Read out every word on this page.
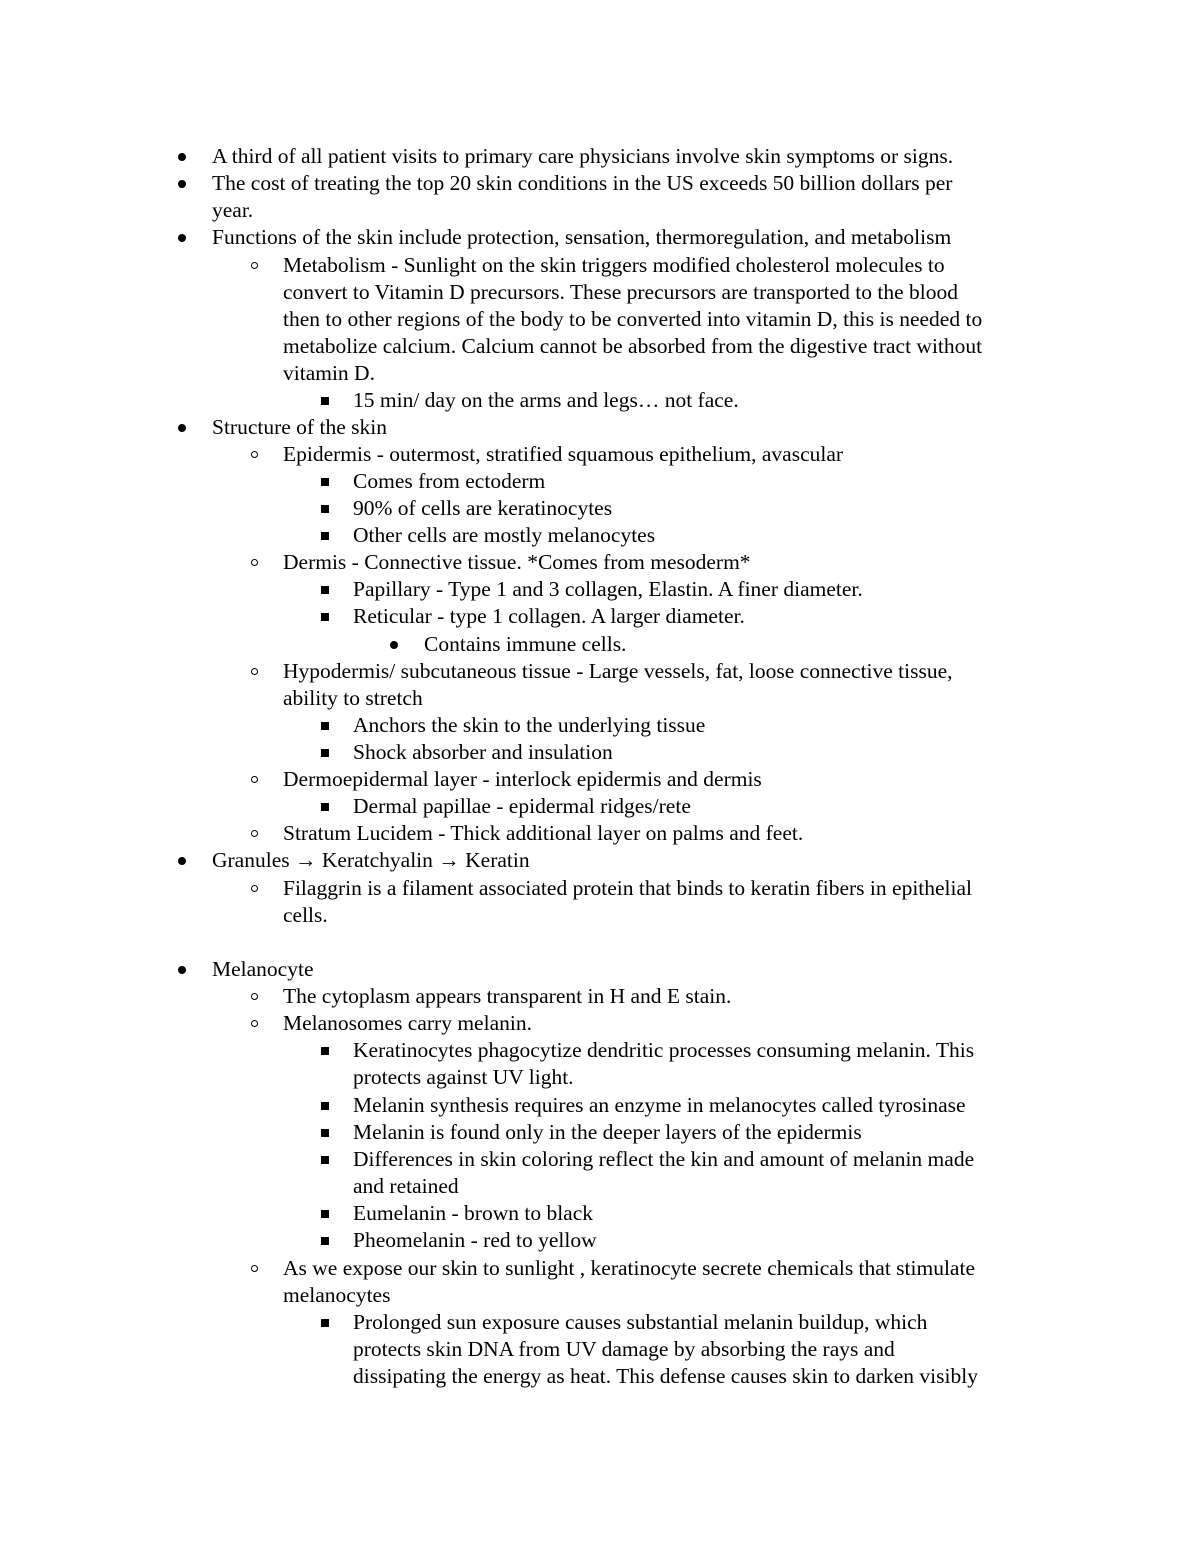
A third of all patient visits to primary care physicians involve skin symptoms or signs.
The cost of treating the top 20 skin conditions in the US exceeds 50 billion dollars per
year.
Functions of the skin include protection, sensation, thermoregulation, and metabolism
Metabolism - Sunlight on the skin triggers modified cholesterol molecules to
convert to Vitamin D precursors. These precursors are transported to the blood
then to other regions of the body to be converted into vitamin D, this is needed to
metabolize calcium. Calcium cannot be absorbed from the digestive tract without
vitamin D.
15 min/ day on the arms and legs… not face.
Structure of the skin
Epidermis - outermost, stratified squamous epithelium, avascular
Comes from ectoderm
90% of cells are keratinocytes
Other cells are mostly melanocytes
Dermis - Connective tissue. *Comes from mesoderm*
Papillary - Type 1 and 3 collagen, Elastin. A finer diameter.
Reticular - type 1 collagen. A larger diameter.
Contains immune cells.
Hypodermis/ subcutaneous tissue - Large vessels, fat, loose connective tissue,
ability to stretch
Anchors the skin to the underlying tissue
Shock absorber and insulation
Dermoepidermal layer - interlock epidermis and dermis
Dermal papillae - epidermal ridges/rete
Stratum Lucidem - Thick additional layer on palms and feet.
Granules → Keratchyalin → Keratin
Filaggrin is a filament associated protein that binds to keratin fibers in epithelial
cells.
Melanocyte
The cytoplasm appears transparent in H and E stain.
Melanosomes carry melanin.
Keratinocytes phagocytize dendritic processes consuming melanin. This
protects against UV light.
Melanin synthesis requires an enzyme in melanocytes called tyrosinase
Melanin is found only in the deeper layers of the epidermis
Differences in skin coloring reflect the kin and amount of melanin made
and retained
Eumelanin - brown to black
Pheomelanin - red to yellow
As we expose our skin to sunlight , keratinocyte secrete chemicals that stimulate
melanocytes
Prolonged sun exposure causes substantial melanin buildup, which
protects skin DNA from UV damage by absorbing the rays and
dissipating the energy as heat. This defense causes skin to darken visibly
